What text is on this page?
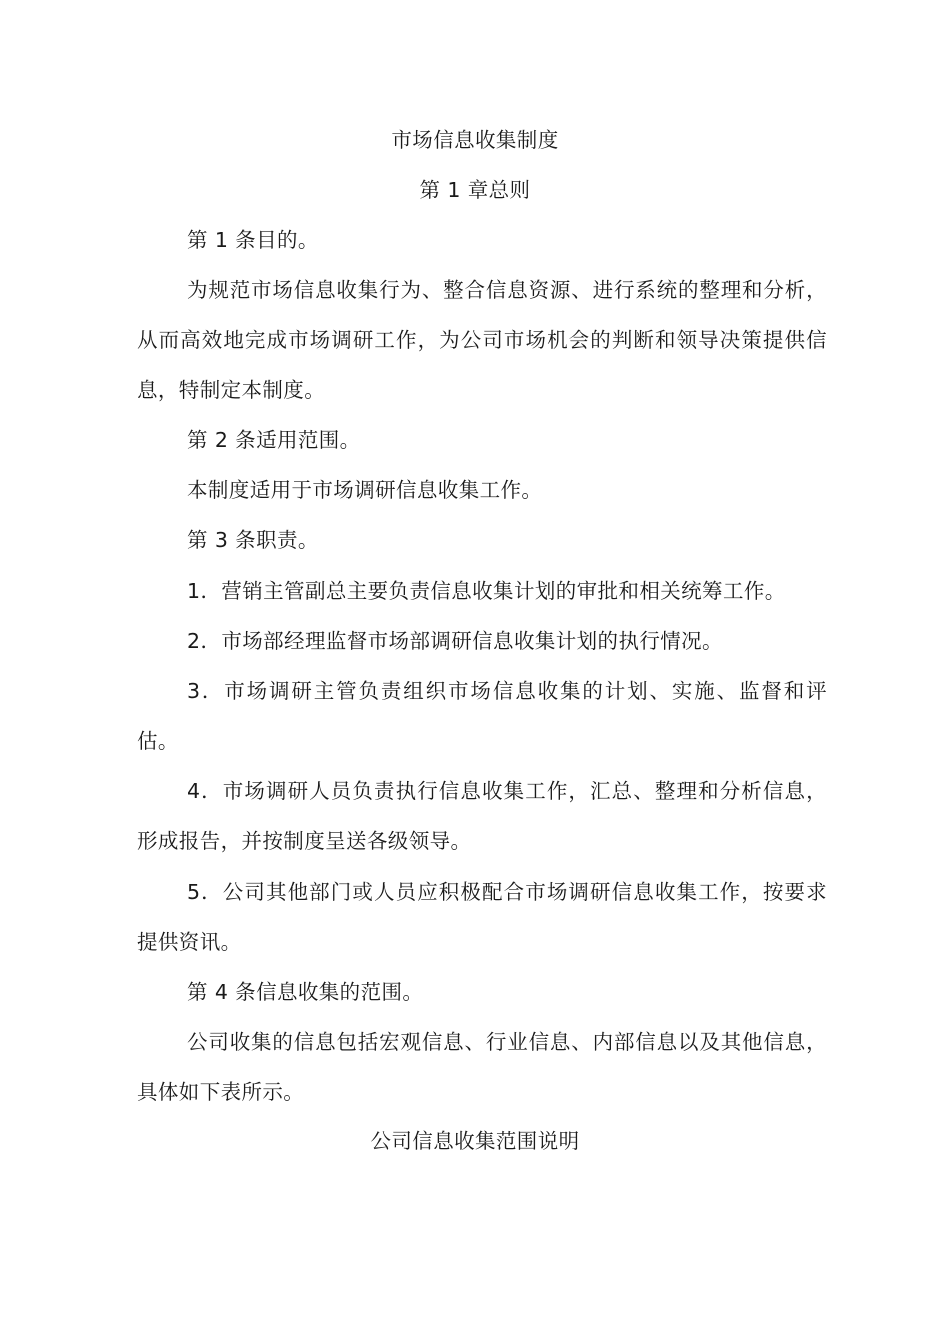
市场信息收集制度
第 1 章总则
第 1 条目的。
为规范市场信息收集行为、整合信息资源、进行系统的整理和分析，从而高效地完成市场调研工作，为公司市场机会的判断和领导决策提供信息，特制定本制度。
第 2 条适用范围。
本制度适用于市场调研信息收集工作。
第 3 条职责。
1．营销主管副总主要负责信息收集计划的审批和相关统筹工作。
2．市场部经理监督市场部调研信息收集计划的执行情况。
3．市场调研主管负责组织市场信息收集的计划、实施、监督和评估。
4．市场调研人员负责执行信息收集工作，汇总、整理和分析信息，形成报告，并按制度呈送各级领导。
5．公司其他部门或人员应积极配合市场调研信息收集工作，按要求提供资讯。
第 4 条信息收集的范围。
公司收集的信息包括宏观信息、行业信息、内部信息以及其他信息，具体如下表所示。
公司信息收集范围说明
